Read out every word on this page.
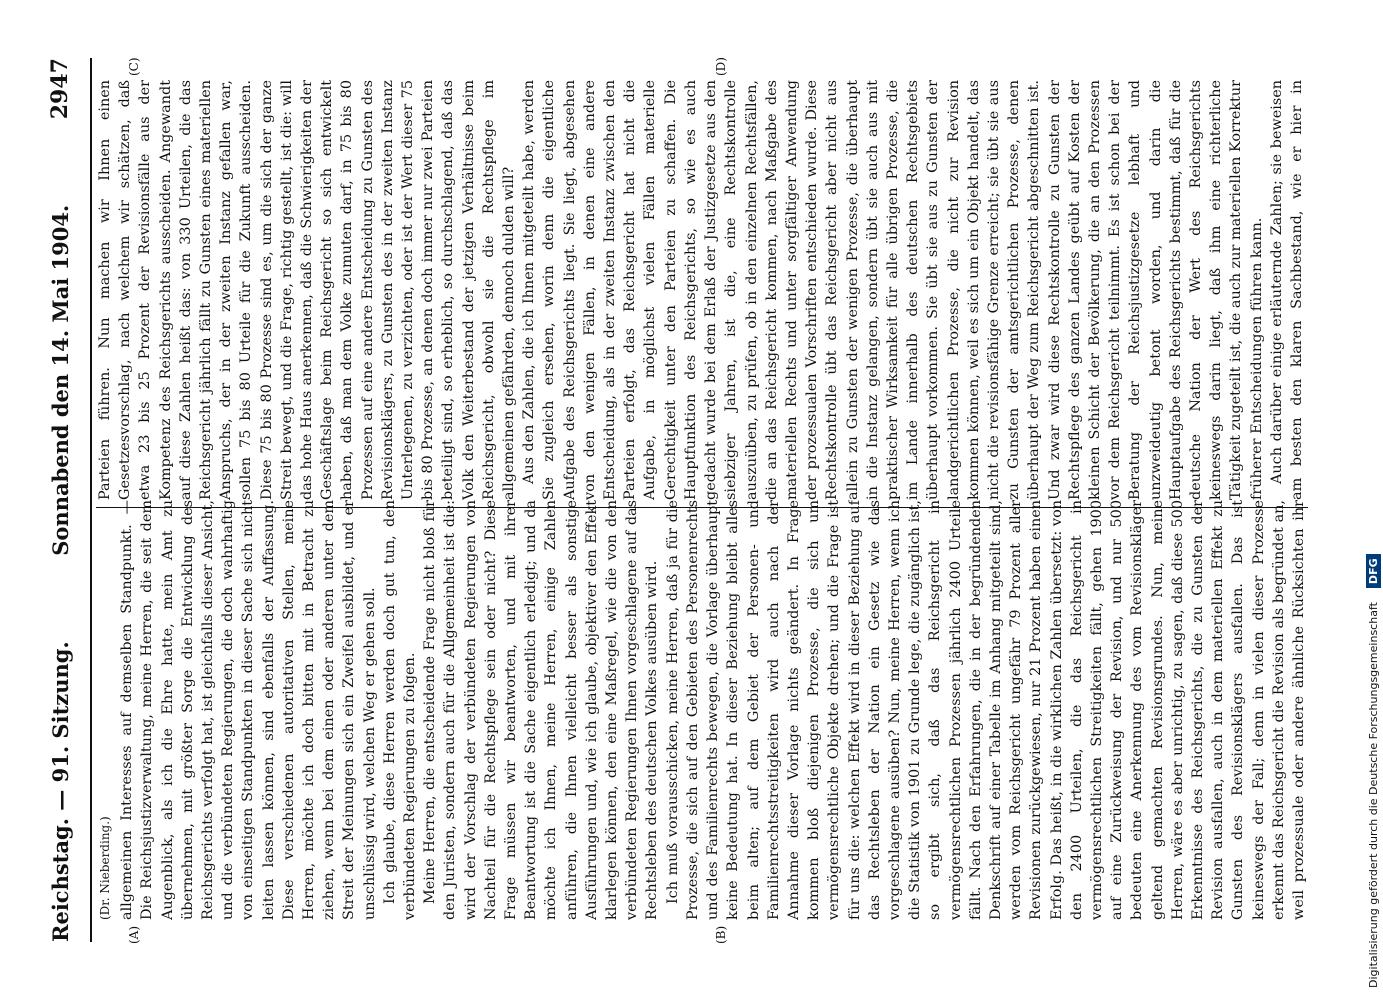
Reichstag. — 91. Sitzung.
Sonnabend den 14. Mai 1904.
2947
(A)	(B)
(C)	(D)
(Dr. Nieberding.) allgemeinen Interesses auf demselben Standpunkt. — Die Reichsjustizverwaltung, meine Herren, die seit dem Augenblick, als ich die Ehre hatte, mein Amt zu übernehmen, mit größter Sorge die Entwicklung des Reichsgerichts verfolgt hat, ist gleichfalls dieser Ansicht, und die verbündeten Regierungen, die doch wahrhaftig von einseitigen Standpunkten in dieser Sache sich nicht leiten lassen können, sind ebenfalls der Auffassung. Diese verschiedenen autoritativen Stellen, meine Herren, möchte ich doch bitten mit in Betracht zu ziehen, wenn bei dem einen oder anderen unter dem Streit der Meinungen sich ein Zweifel ausbildet, und er unschlüssig wird, welchen Weg er gehen soll. Ich glaube, diese Herren werden doch gut tun, den verbündeten Regierungen zu folgen. Meine Herren, die entscheidende Frage nicht bloß für den Juristen, sondern auch für die Allgemeinheit ist die: wird der Vorschlag der verbündeten Regierungen von Nachteil für die Rechtspflege sein oder nicht? Diese Frage müssen wir beantworten, und mit ihrer Beantwortung ist die Sache eigentlich erledigt; und da möchte ich Ihnen, meine Herren, einige Zahlen anführen, die Ihnen vielleicht besser als sonstige Ausführungen und, wie ich glaube, objektiver den Effekt klarlegen können, den eine Maßregel, wie die von den verbündeten Regierungen Ihnen vorgeschlagene auf das Rechtsleben des deutschen Volkes ausüben wird. Ich muß vorausschicken, meine Herren, daß ja für die Prozesse, die sich auf den Gebieten des Personenrechts und des Familienrechts bewegen, die Vorlage überhaupt keine Bedeutung hat. In dieser Beziehung bleibt alles beim alten; auf dem Gebiet der Personen- und Familienrechtsstreitigkeiten wird auch nach der Annahme dieser Vorlage nichts geändert. In Frage kommen bloß diejenigen Prozesse, die sich um vermögensrechtliche Objekte drehen; und die Frage ist für uns die: welchen Effekt wird in dieser Beziehung auf das Rechtsleben der Nation ein Gesetz wie das vorgeschlagene ausüben? Nun, meine Herren, wenn ich die Statistik von 1901 zu Grunde lege, die zugänglich ist, so ergibt sich, daß das Reichsgericht in vermögensrechtlichen Prozessen jährlich 2400 Urteile fällt. Nach den Erfahrungen, die in der begründenden Denkschrift auf einer Tabelle im Anhang mitgeteilt sind, werden vom Reichsgericht ungefähr 79 Prozent aller Revisionen zurückgewiesen, nur 21 Prozent haben einen Erfolg. Das heißt, in die wirklichen Zahlen übersetzt: von den 2400 Urteilen, die das Reichsgericht in vermögensrechtlichen Streitigkeiten fällt, gehen 1900 auf eine Zurückweisung der Revision, und nur 500 bedeuten eine Anerkennung des vom Revisionskläger geltend gemachten Revisionsgrundes. Nun, meine Herren, wäre es aber unrichtig, zu sagen, daß diese 500 Erkenntnisse des Reichsgerichts, die zu Gunsten der Revision ausfallen, auch in dem materiellen Effekt zu Gunsten des Revisionsklägers ausfallen. Das ist keineswegs der Fall; denn in vielen dieser Prozesse erkennt das Reichsgericht die Revision als begründet an, weil prozessuale oder andere ähnliche Rücksichten ihr

Parteien führen. Nun machen wir Ihnen einen Gesetzesvorschlag, nach welchem wir schätzen, daß etwa 23 bis 25 Prozent der Revisionsfälle aus der Kompetenz des Reichsgerichts ausscheiden. Angewandt auf diese Zahlen heißt das: von 330 Urteilen, die das Reichsgericht jährlich fällt zu Gunsten eines materiellen Anspruchs, der in der zweiten Instanz gefallen war, sollen 75 bis 80 Urteile für die Zukunft ausscheiden. Diese 75 bis 80 Prozesse sind es, um die sich der ganze Streit bewegt, und die Frage, richtig gestellt, ist die: will das hohe Haus anerkennen, daß die Schwierigkeiten der Geschäftslage beim Reichsgericht so sich entwickelt haben, daß man dem Volke zumuten darf, in 75 bis 80 Prozessen auf eine andere Entscheidung zu Gunsten des Revisionsklägers, zu Gunsten des in der zweiten Instanz Unterlegenen, zu verzichten, oder ist der Wert dieser 75 bis 80 Prozesse, an denen doch immer nur zwei Parteien beteiligt sind, so erheblich, so durchschlagend, daß das Volk den Weiterbestand der jetzigen Verhältnisse beim Reichsgericht, obwohl sie die Rechtspflege im allgemeinen gefährden, dennoch dulden will? Aus den Zahlen, die ich Ihnen mitgeteilt habe, werden Sie zugleich ersehen, worin denn die eigentliche Aufgabe des Reichsgerichts liegt. Sie liegt, abgesehen von den wenigen Fällen, in denen eine andere Entscheidung, als in der zweiten Instanz zwischen den Parteien erfolgt, das Reichsgericht hat nicht die Aufgabe, in möglichst vielen Fällen materielle Gerechtigkeit unter den Parteien zu schaffen. Die Hauptfunktion des Reichsgerichts, so wie es auch gedacht wurde bei dem Erlaß der Justizgesetze aus den siebziger Jahren, ist die, eine Rechtskontrolle auszuüben, zu prüfen, ob in den einzelnen Rechtsfällen, die an das Reichsgericht kommen, nach Maßgabe des materiellen Rechts und unter sorgfältiger Anwendung der prozessualen Vorschriften entschieden wurde. Diese Rechtskontrolle übt das Reichsgericht aber nicht aus allein zu Gunsten der wenigen Prozesse, die überhaupt in die Instanz gelangen, sondern übt sie auch aus mit praktischer Wirksamkeit für alle übrigen Prozesse, die im Lande innerhalb des deutschen Rechtsgebiets überhaupt vorkommen. Sie übt sie aus zu Gunsten der landgerichtlichen Prozesse, die nicht zur Revision kommen können, weil es sich um ein Objekt handelt, das nicht die revisionsfähige Grenze erreicht; sie übt sie aus zu Gunsten der amtsgerichtlichen Prozesse, denen überhaupt der Weg zum Reichsgericht abgeschnitten ist. Und zwar wird diese Rechtskontrolle zu Gunsten der Rechtspflege des ganzen Landes geübt auf Kosten der kleinen Schicht der Bevölkerung, die an den Prozessen vor dem Reichsgericht teilnimmt. Es ist schon bei der Beratung der Reichsjustizgesetze lebhaft und unzweideutig betont worden, und darin die Hauptaufgabe des Reichsgerichts bestimmt, daß für die deutsche Nation der Wert des Reichsgerichts keineswegs darin liegt, daß ihm eine richterliche Tätigkeit zugeteilt ist, die auch zur materiellen Korrektur früherer Entscheidungen führen kann. Auch darüber einige erläuternde Zahlen; sie beweisen am besten den klaren Sachbestand, wie er hier in

Digitalisierung gefördert durch die Deutsche Forschungsgemeinschaft
DFG
